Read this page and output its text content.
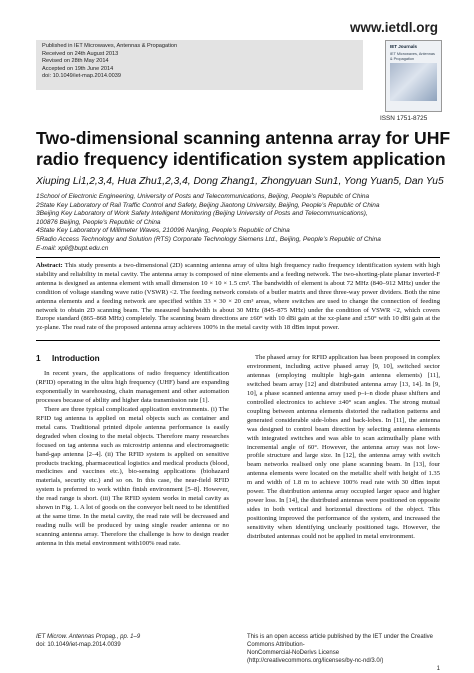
www.ietdl.org
Published in IET Microwaves, Antennas & Propagation
Received on 24th August 2013
Revised on 28th May 2014
Accepted on 19th June 2014
doi: 10.1049/iet-map.2014.0039
IET Journals
IET Microwaves, Antennas & Propagation
ISSN 1751-8725
Two-dimensional scanning antenna array for UHF radio frequency identification system application
Xiuping Li1,2,3,4, Hua Zhu1,2,3,4, Dong Zhang1, Zhongyuan Sun1, Yong Yuan5, Dan Yu5
1School of Electronic Engineering, University of Posts and Telecommunications, Beijing, People’s Republic of China
2State Key Laboratory of Rail Traffic Control and Safety, Beijing Jiaotong University, Beijing, People’s Republic of China
3Beijing Key Laboratory of Work Safety Intelligent Monitoring (Beijing University of Posts and Telecommunications),
100876 Beijing, People’s Republic of China
4State Key Laboratory of Millimeter Waves, 210096 Nanjing, People’s Republic of China
5Radio Access Technology and Solution (RTS) Corporate Technology Siemens Ltd., Beijing, People’s Republic of China
E-mail: xpli@bupt.edu.cn
Abstract: This study presents a two-dimensional (2D) scanning antenna array of ultra high frequency radio frequency identification system with high stability and reliability in metal cavity. The antenna array is composed of nine elements and a feeding network. The two-shorting-plate planar inverted-F antenna is designed as antenna element with small dimension 10 × 10 × 1.5 cm³. The bandwidth of element is about 72 MHz (840–912 MHz) under the condition of voltage standing wave ratio (VSWR) <2. The feeding network consists of a butler matrix and three three-way power dividers. Both the nine antenna elements and a feeding network are specified within 33 × 30 × 20 cm³ areas, where switches are used to change the connection of feeding network to obtain 2D scanning beam. The measured bandwidth is about 30 MHz (845–875 MHz) under the condition of VSWR <2, which covers Europe standard (865–868 MHz) completely. The scanning beam directions are ±60° with 10 dBi gain at the xz-plane and ±50° with 10 dBi gain at the yz-plane. The read rate of the proposed antenna array achieves 100% in the metal cavity with 18 dBm input power.
1 Introduction

In recent years, the applications of radio frequency identification (RFID) operating in the ultra high frequency (UHF) band are expanding exponentially in warehousing, chain management and other automation processes because of ability and higher data transmission rate [1].

There are three typical complicated application environments. (i) The RFID tag antenna is applied on metal objects such as container and metal cans. Traditional printed dipole antenna performance is easily degraded when closing to the metal objects. Therefore many researches focused on tag antenna such as microstrip antenna and electromagnetic band-gap antenna [2–4]. (ii) The RFID system is applied on sensitive products tracking, pharmaceutical logistics and medical products (blood, medicines and vaccines etc.), bio-sensing applications (biohazard materials, security etc.) and so on. In this case, the near-field RFID system is preferred to work within finish environment [5–8]. However, the read range is short. (iii) The RFID system works in metal cavity as shown in Fig. 1. A lot of goods on the conveyor belt need to be identified at the same time. In the metal cavity, the read rate will be decreased and reading nulls will be produced by using single reader antenna or no scanning antenna array. Therefore the challenge is how to design reader antenna in this metal environment with100% read rate.

The phased array for RFID application has been proposed in complex environment, including active phased array [9, 10], switched sector antennas (employing multiple high-gain antenna elements) [11], switched beam array [12] and distributed antenna array [13, 14]. In [9, 10], a phase scanned antenna array used p–i–n diode phase shifters and controlled electronics to achieve ±40° scan angles. The strong mutual coupling between antenna elements distorted the radiation patterns and generated considerable side-lobes and back-lobes. In [11], the antenna was designed to control beam direction by selecting antenna elements with integrated switches and was able to scan azimuthally plane with incremental angle of 60°. However, the antenna array was not low-profile structure and large size. In [12], the antenna array with switch beam networks realised only one plane scanning beam. In [13], four antenna elements were located on the metallic shelf with height of 1.35 m and width of 1.8 m to achieve 100% read rate with 30 dBm input power. The distribution antenna array occupied larger space and higher power loss. In [14], the distributed antennas were positioned on opposite sides in both vertical and horizontal directions of the object. This positioning improved the performance of the system, and increased the sensitivity when identifying unclearly positioned tags. However, the distributed antennas could not be applied in metal environment.

IET Microw. Antennas Propag., pp. 1–9
doi: 10.1049/iet-map.2014.0039
This is an open access article published by the IET under the Creative Commons Attribution-
NonCommercial-NoDerivs License (http://creativecommons.org/licenses/by-nc-nd/3.0/)
1
